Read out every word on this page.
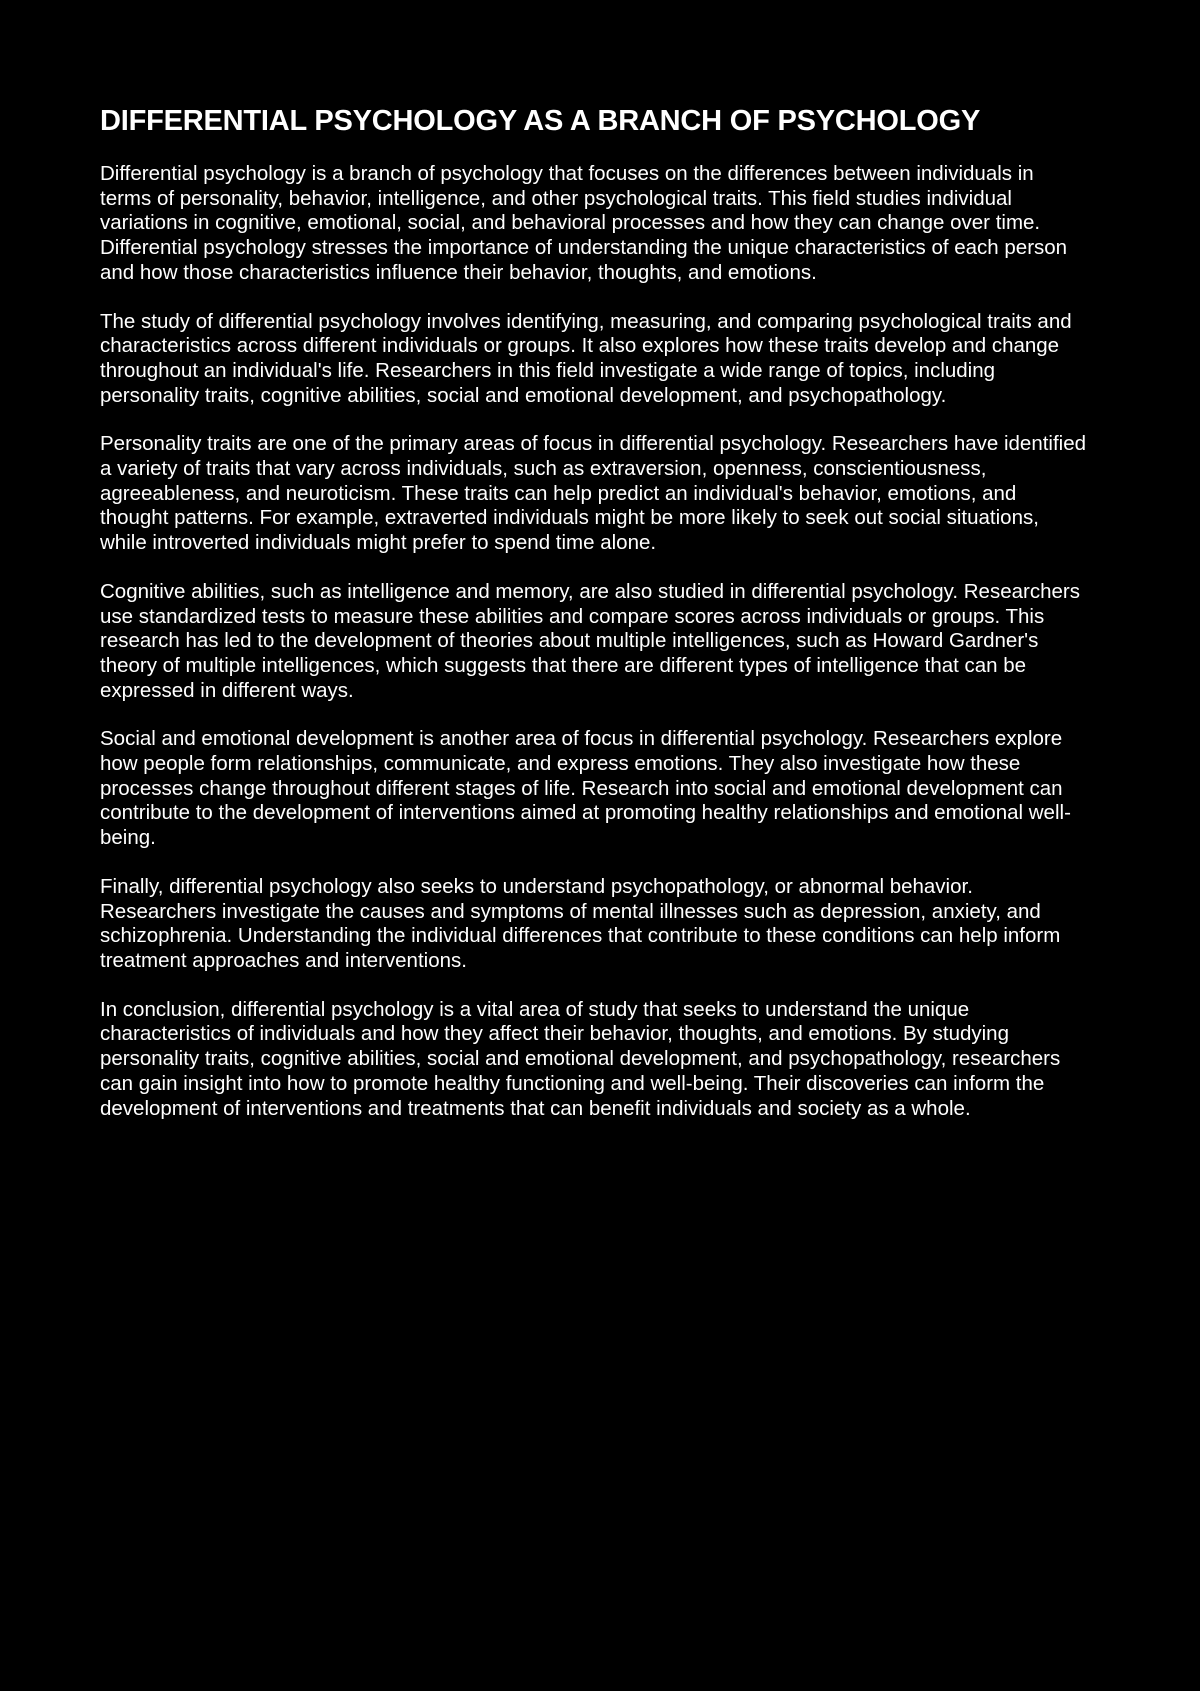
DIFFERENTIAL PSYCHOLOGY AS A BRANCH OF PSYCHOLOGY

Differential psychology is a branch of psychology that focuses on the differences between individuals in terms of personality, behavior, intelligence, and other psychological traits. This field studies individual variations in cognitive, emotional, social, and behavioral processes and how they can change over time. Differential psychology stresses the importance of understanding the unique characteristics of each person and how those characteristics influence their behavior, thoughts, and emotions.

The study of differential psychology involves identifying, measuring, and comparing psychological traits and characteristics across different individuals or groups. It also explores how these traits develop and change throughout an individual's life. Researchers in this field investigate a wide range of topics, including personality traits, cognitive abilities, social and emotional development, and psychopathology.

Personality traits are one of the primary areas of focus in differential psychology. Researchers have identified a variety of traits that vary across individuals, such as extraversion, openness, conscientiousness, agreeableness, and neuroticism. These traits can help predict an individual's behavior, emotions, and thought patterns. For example, extraverted individuals might be more likely to seek out social situations, while introverted individuals might prefer to spend time alone.

Cognitive abilities, such as intelligence and memory, are also studied in differential psychology. Researchers use standardized tests to measure these abilities and compare scores across individuals or groups. This research has led to the development of theories about multiple intelligences, such as Howard Gardner's theory of multiple intelligences, which suggests that there are different types of intelligence that can be expressed in different ways.

Social and emotional development is another area of focus in differential psychology. Researchers explore how people form relationships, communicate, and express emotions. They also investigate how these processes change throughout different stages of life. Research into social and emotional development can contribute to the development of interventions aimed at promoting healthy relationships and emotional well-being.

Finally, differential psychology also seeks to understand psychopathology, or abnormal behavior. Researchers investigate the causes and symptoms of mental illnesses such as depression, anxiety, and schizophrenia. Understanding the individual differences that contribute to these conditions can help inform treatment approaches and interventions.

In conclusion, differential psychology is a vital area of study that seeks to understand the unique characteristics of individuals and how they affect their behavior, thoughts, and emotions. By studying personality traits, cognitive abilities, social and emotional development, and psychopathology, researchers can gain insight into how to promote healthy functioning and well-being. Their discoveries can inform the development of interventions and treatments that can benefit individuals and society as a whole.
